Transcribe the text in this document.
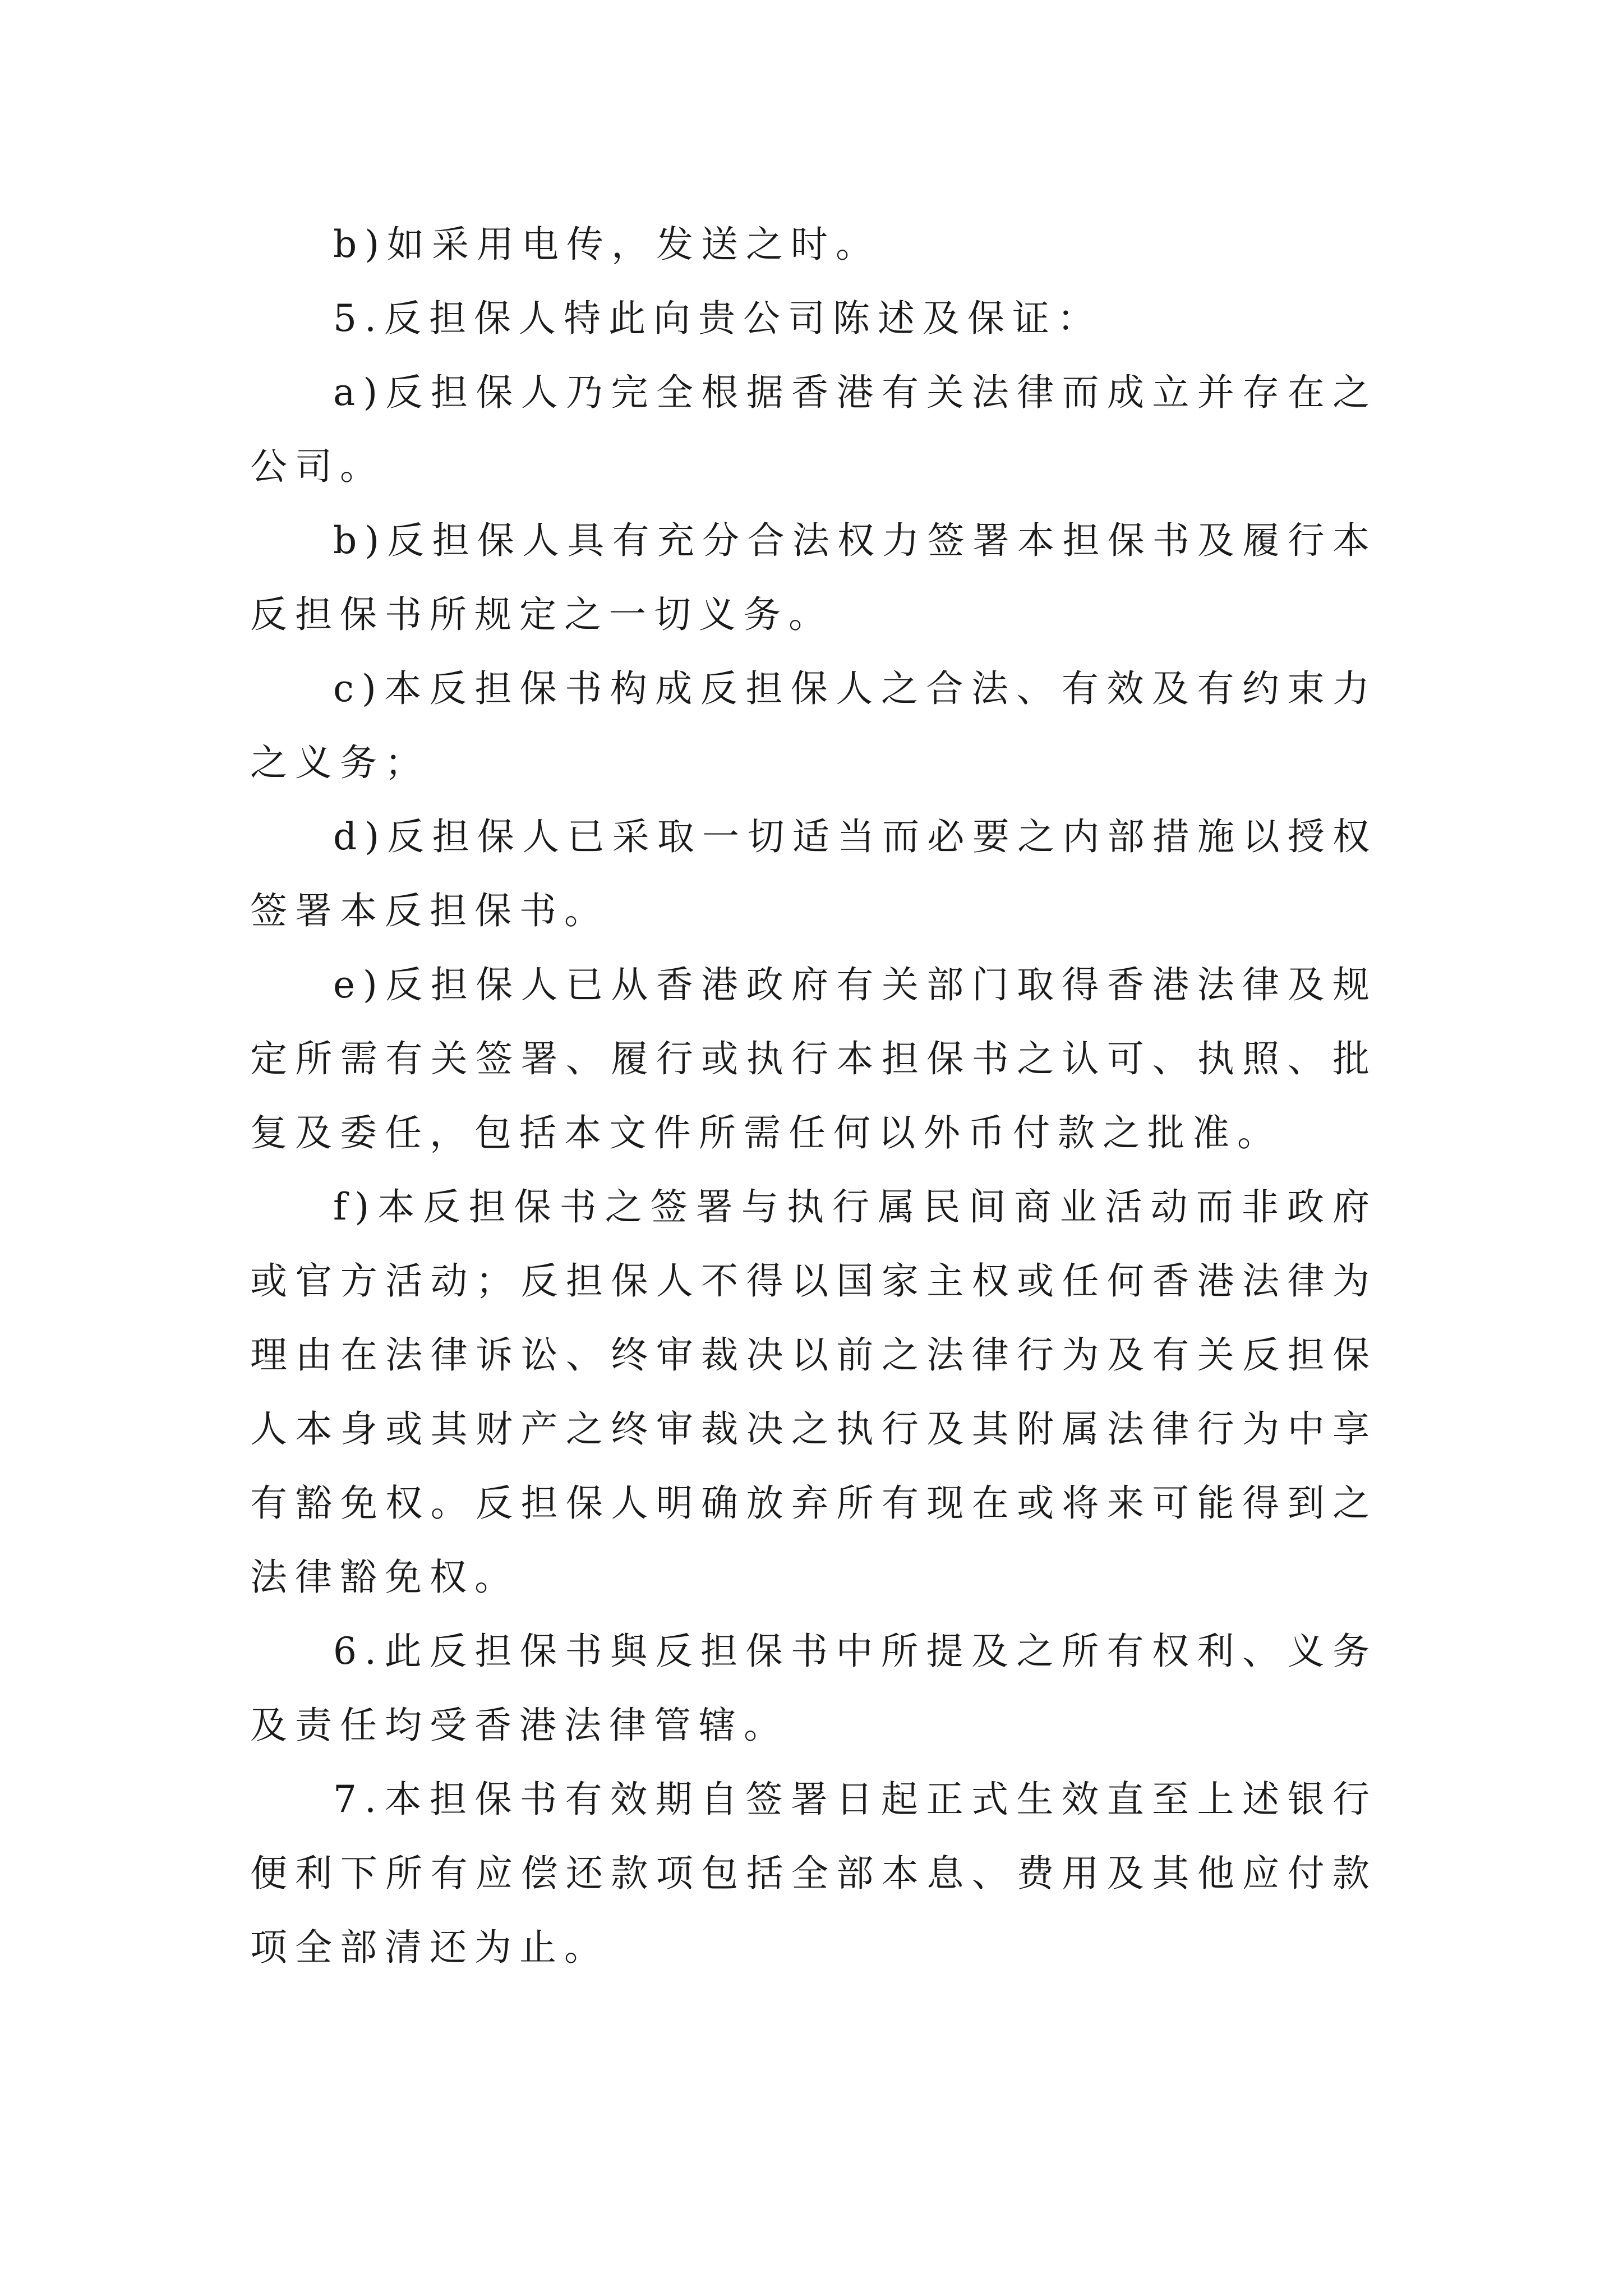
b)如采用电传，发送之时。

5.反担保人特此向贵公司陈述及保证：

a)反担保人乃完全根据香港有关法律而成立并存在之公司。

b)反担保人具有充分合法权力签署本担保书及履行本反担保书所规定之一切义务。

c)本反担保书构成反担保人之合法、有效及有约束力之义务；

d)反担保人已采取一切适当而必要之内部措施以授权签署本反担保书。

e)反担保人已从香港政府有关部门取得香港法律及规定所需有关签署、履行或执行本担保书之认可、执照、批复及委任，包括本文件所需任何以外币付款之批准。

f)本反担保书之签署与执行属民间商业活动而非政府或官方活动；反担保人不得以国家主权或任何香港法律为理由在法律诉讼、终审裁决以前之法律行为及有关反担保人本身或其财产之终审裁决之执行及其附属法律行为中享有豁免权。反担保人明确放弃所有现在或将来可能得到之法律豁免权。

6.此反担保书與反担保书中所提及之所有权利、义务及责任均受香港法律管辖。

7.本担保书有效期自签署日起正式生效直至上述银行便利下所有应偿还款项包括全部本息、费用及其他应付款项全部清还为止。
